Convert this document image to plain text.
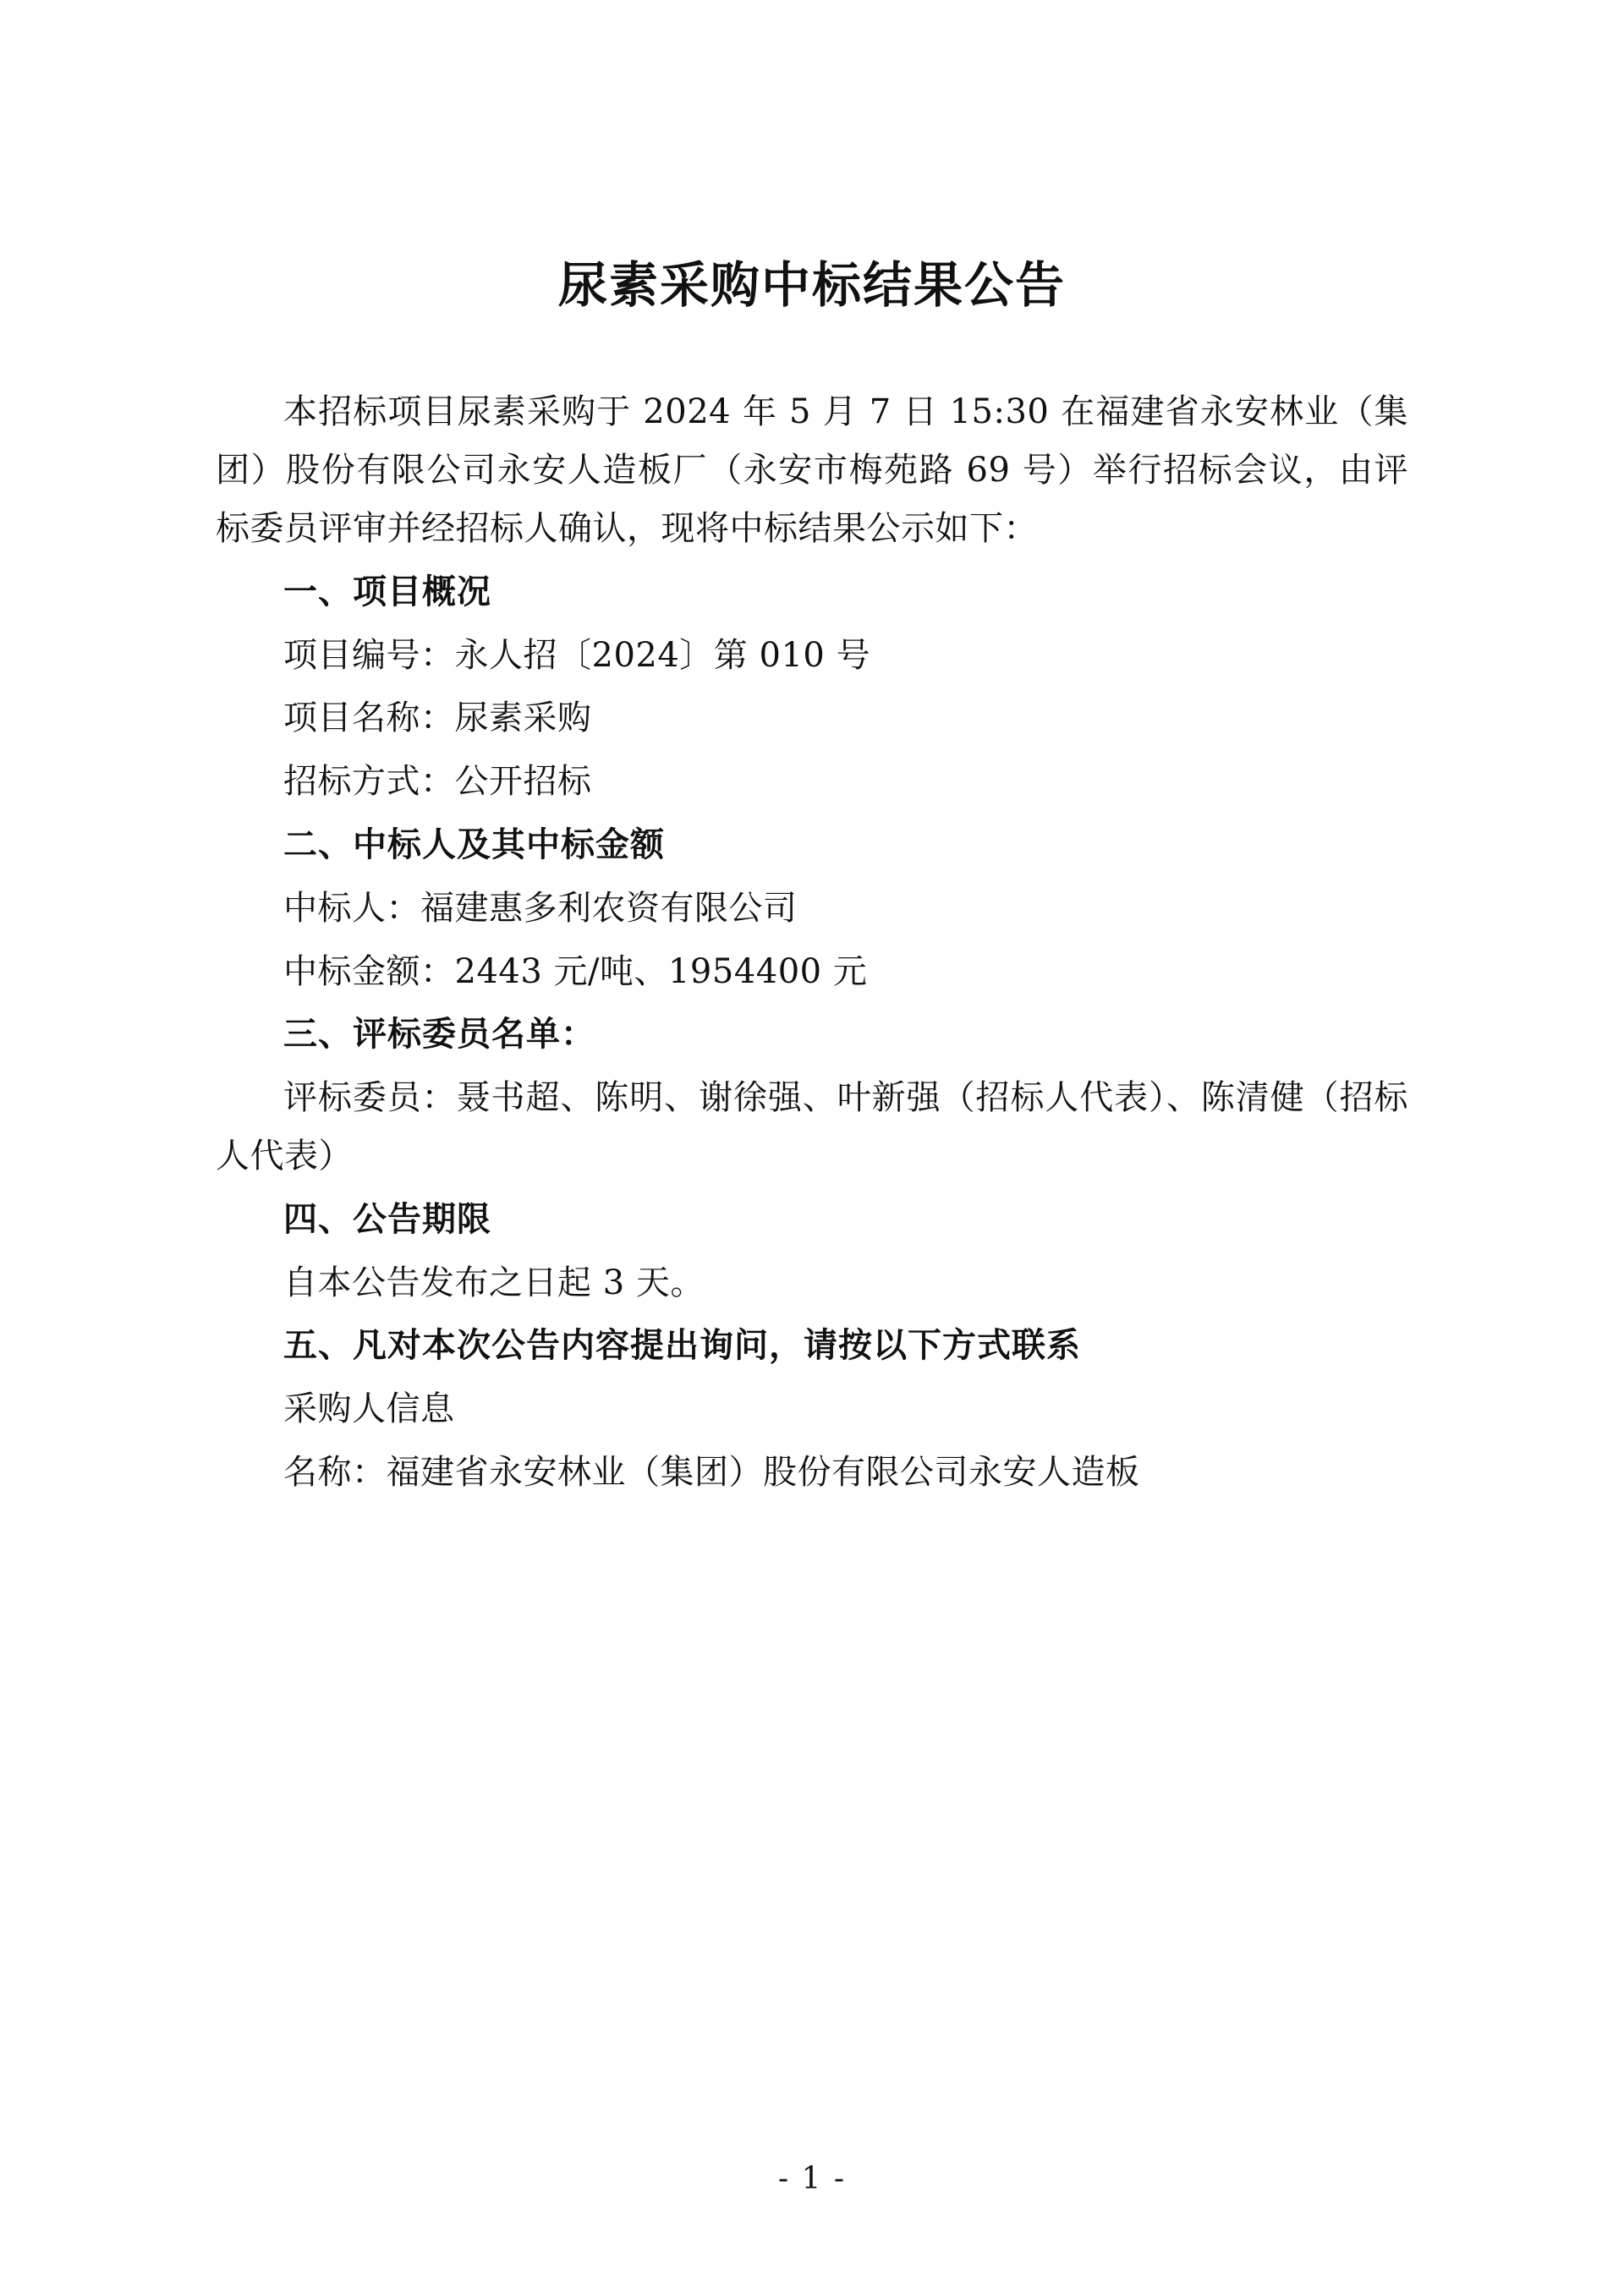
尿素采购中标结果公告

本招标项目尿素采购于 2024 年 5 月 7 日 15:30 在福建省永安林业（集团）股份有限公司永安人造板厂（永安市梅苑路 69 号）举行招标会议，由评标委员评审并经招标人确认，现将中标结果公示如下：

一、项目概况

项目编号：永人招〔2024〕第 010 号

项目名称：尿素采购

招标方式：公开招标

二、中标人及其中标金额

中标人：福建惠多利农资有限公司

中标金额：2443 元/吨、1954400 元

三、评标委员名单：

评标委员：聂书超、陈明、谢徐强、叶新强（招标人代表）、陈清健（招标人代表）

四、公告期限

自本公告发布之日起 3 天。

五、凡对本次公告内容提出询问，请按以下方式联系

采购人信息

名称：福建省永安林业（集团）股份有限公司永安人造板

- 1 -
